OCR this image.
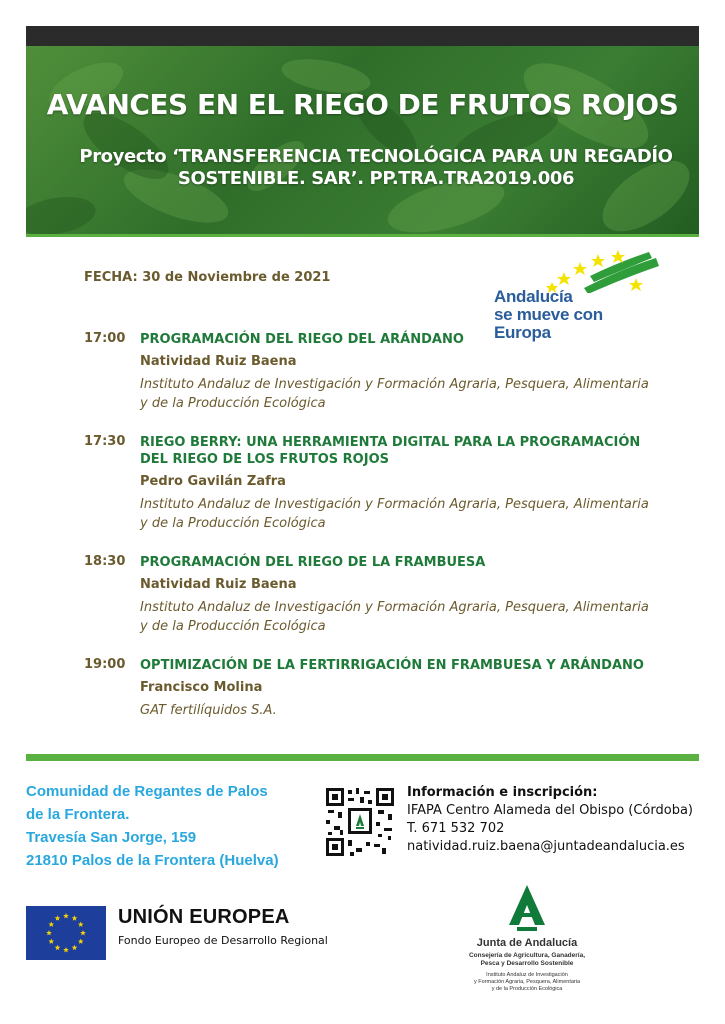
AVANCES EN EL RIEGO DE FRUTOS ROJOS
Proyecto ‘TRANSFERENCIA TECNOLÓGICA PARA UN REGADÍO
SOSTENIBLE. SAR’. PP.TRA.TRA2019.006
FECHA: 30 de Noviembre de 2021
Andalucía
se mueve con Europa
17:00 PROGRAMACIÓN DEL RIEGO DEL ARÁNDANO
Natividad Ruiz Baena
Instituto Andaluz de Investigación y Formación Agraria, Pesquera, Alimentaria y de la Producción Ecológica
17:30 RIEGO BERRY: UNA HERRAMIENTA DIGITAL PARA LA PROGRAMACIÓN DEL RIEGO DE LOS FRUTOS ROJOS
Pedro Gavilán Zafra
Instituto Andaluz de Investigación y Formación Agraria, Pesquera, Alimentaria y de la Producción Ecológica
18:30 PROGRAMACIÓN DEL RIEGO DE LA FRAMBUESA
Natividad Ruiz Baena
Instituto Andaluz de Investigación y Formación Agraria, Pesquera, Alimentaria y de la Producción Ecológica
19:00 OPTIMIZACIÓN DE LA FERTIRRIGACIÓN EN FRAMBUESA Y ARÁNDANO
Francisco Molina
GAT fertilíquidos S.A.
Comunidad de Regantes de Palos
de la Frontera.
Travesía San Jorge, 159
21810 Palos de la Frontera (Huelva)
Información e inscripción:
IFAPA Centro Alameda del Obispo (Córdoba)
T. 671 532 702
natividad.ruiz.baena@juntadeandalucia.es
UNIÓN EUROPEA
Fondo Europeo de Desarrollo Regional	Junta de Andalucía
Consejería de Agricultura, Ganadería,
Pesca y Desarrollo Sostenible
Instituto Andaluz de Investigación
y Formación Agraria, Pesquera, Alimentaria
y de la Producción Ecológica
